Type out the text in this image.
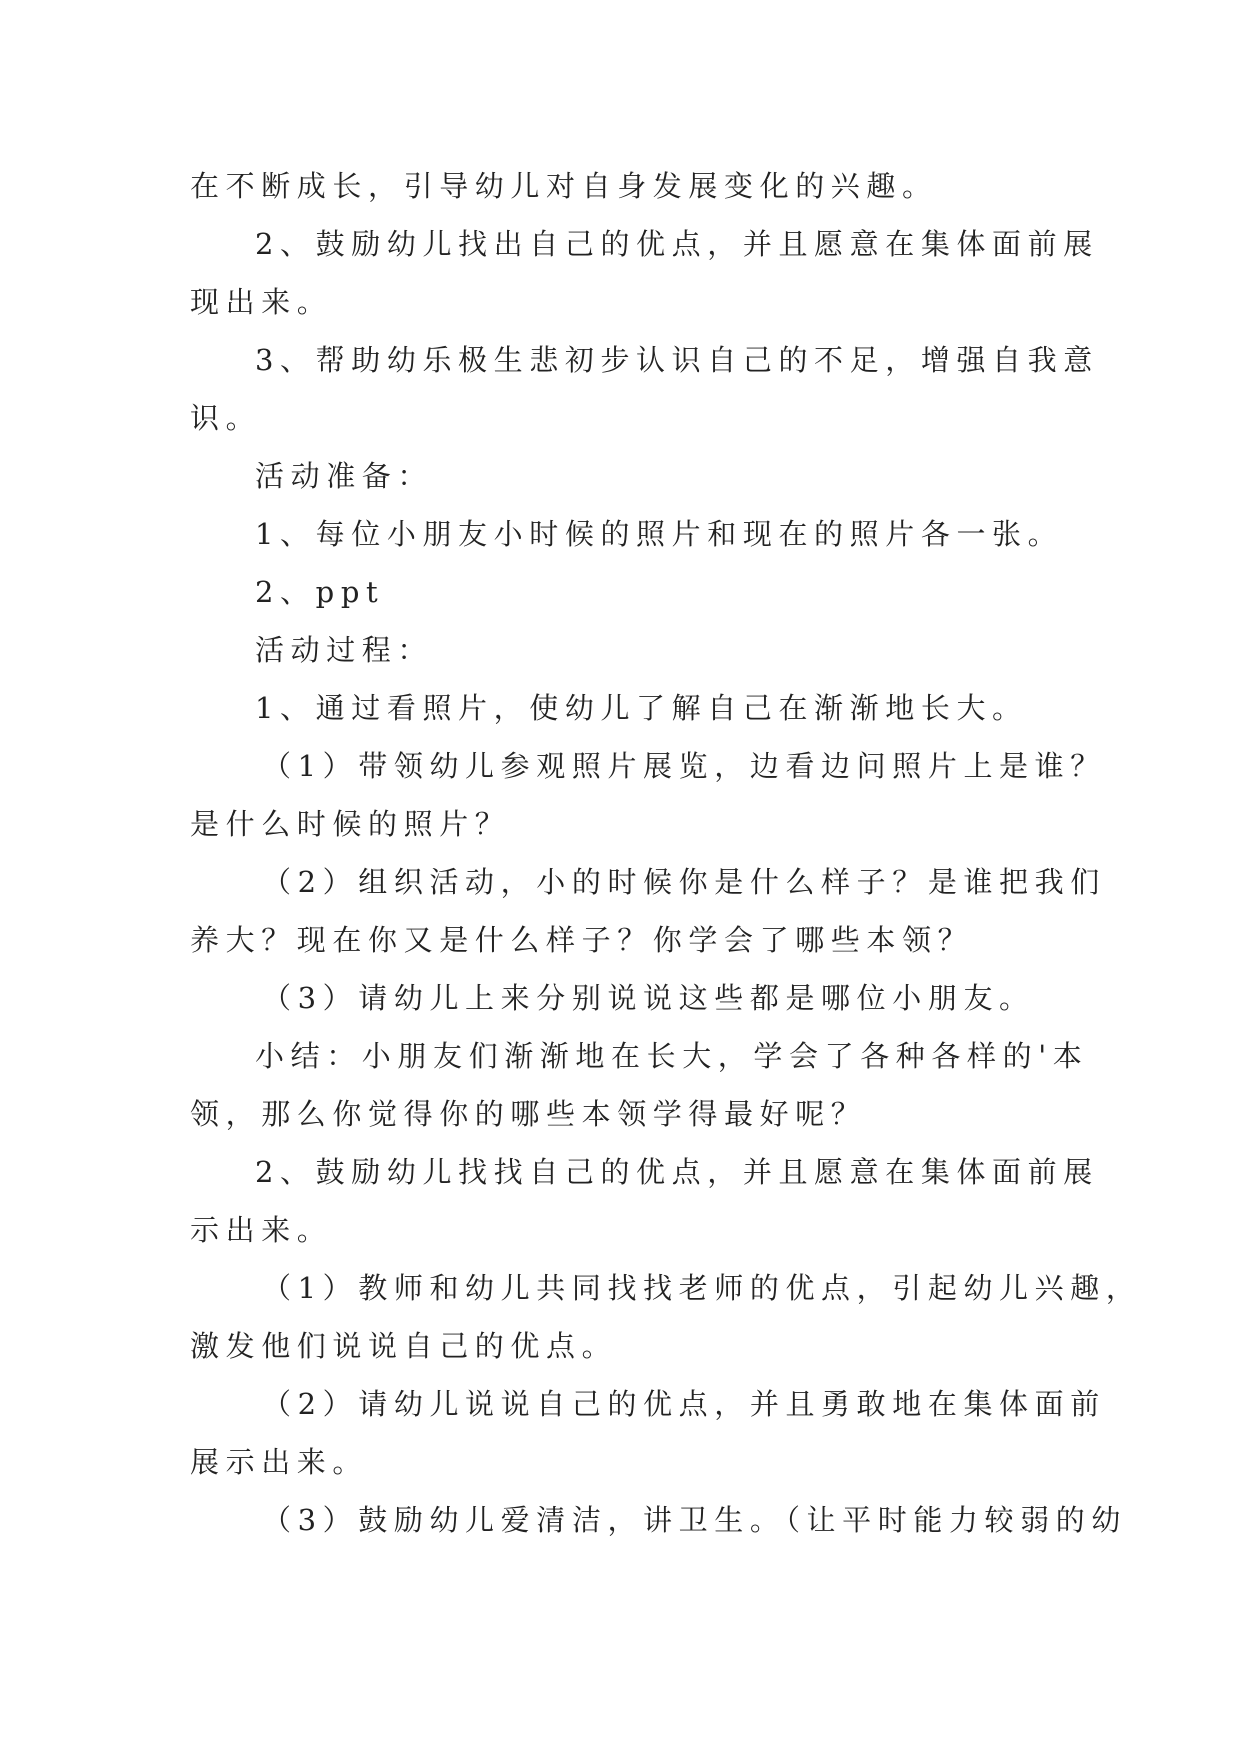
在不断成长，引导幼儿对自身发展变化的兴趣。
2、鼓励幼儿找出自己的优点，并且愿意在集体面前展
现出来。
3、帮助幼乐极生悲初步认识自己的不足，增强自我意
识。
活动准备：
1、每位小朋友小时候的照片和现在的照片各一张。
2、ppt
活动过程：
1、通过看照片，使幼儿了解自己在渐渐地长大。
（1）带领幼儿参观照片展览，边看边问照片上是谁？
是什么时候的照片？
（2）组织活动，小的时候你是什么样子？是谁把我们
养大？现在你又是什么样子？你学会了哪些本领？
（3）请幼儿上来分别说说这些都是哪位小朋友。
小结：小朋友们渐渐地在长大，学会了各种各样的'本
领，那么你觉得你的哪些本领学得最好呢？
2、鼓励幼儿找找自己的优点，并且愿意在集体面前展
示出来。
（1）教师和幼儿共同找找老师的优点，引起幼儿兴趣，
激发他们说说自己的优点。
（2）请幼儿说说自己的优点，并且勇敢地在集体面前
展示出来。
（3）鼓励幼儿爱清洁，讲卫生。（让平时能力较弱的幼
